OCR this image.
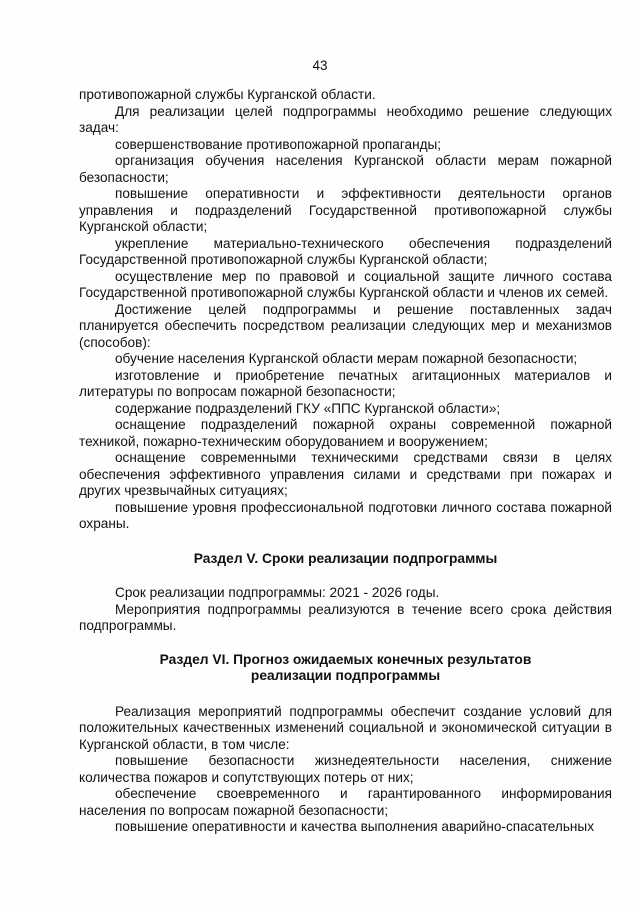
43

противопожарной службы Курганской области.

Для реализации целей подпрограммы необходимо решение следующих задач:

совершенствование противопожарной пропаганды;

организация обучения населения Курганской области мерам пожарной безопасности;

повышение оперативности и эффективности деятельности органов управления и подразделений Государственной противопожарной службы Курганской области;

укрепление материально-технического обеспечения подразделений Государственной противопожарной службы Курганской области;

осуществление мер по правовой и социальной защите личного состава Государственной противопожарной службы Курганской области и членов их семей.

Достижение целей подпрограммы и решение поставленных задач планируется обеспечить посредством реализации следующих мер и механизмов (способов):

обучение населения Курганской области мерам пожарной безопасности;

изготовление и приобретение печатных агитационных материалов и литературы по вопросам пожарной безопасности;

содержание подразделений ГКУ «ППС Курганской области»;

оснащение подразделений пожарной охраны современной пожарной техникой, пожарно-техническим оборудованием и вооружением;

оснащение современными техническими средствами связи в целях обеспечения эффективного управления силами и средствами при пожарах и других чрезвычайных ситуациях;

повышение уровня профессиональной подготовки личного состава пожарной охраны.

Раздел V. Сроки реализации подпрограммы

Срок реализации подпрограммы: 2021 - 2026 годы.

Мероприятия подпрограммы реализуются в течение всего срока действия подпрограммы.

Раздел VI. Прогноз ожидаемых конечных результатов

реализации подпрограммы

Реализация мероприятий подпрограммы обеспечит создание условий для положительных качественных изменений социальной и экономической ситуации в Курганской области, в том числе:

повышение безопасности жизнедеятельности населения, снижение количества пожаров и сопутствующих потерь от них;

обеспечение своевременного и гарантированного информирования населения по вопросам пожарной безопасности;

повышение оперативности и качества выполнения аварийно-спасательных
